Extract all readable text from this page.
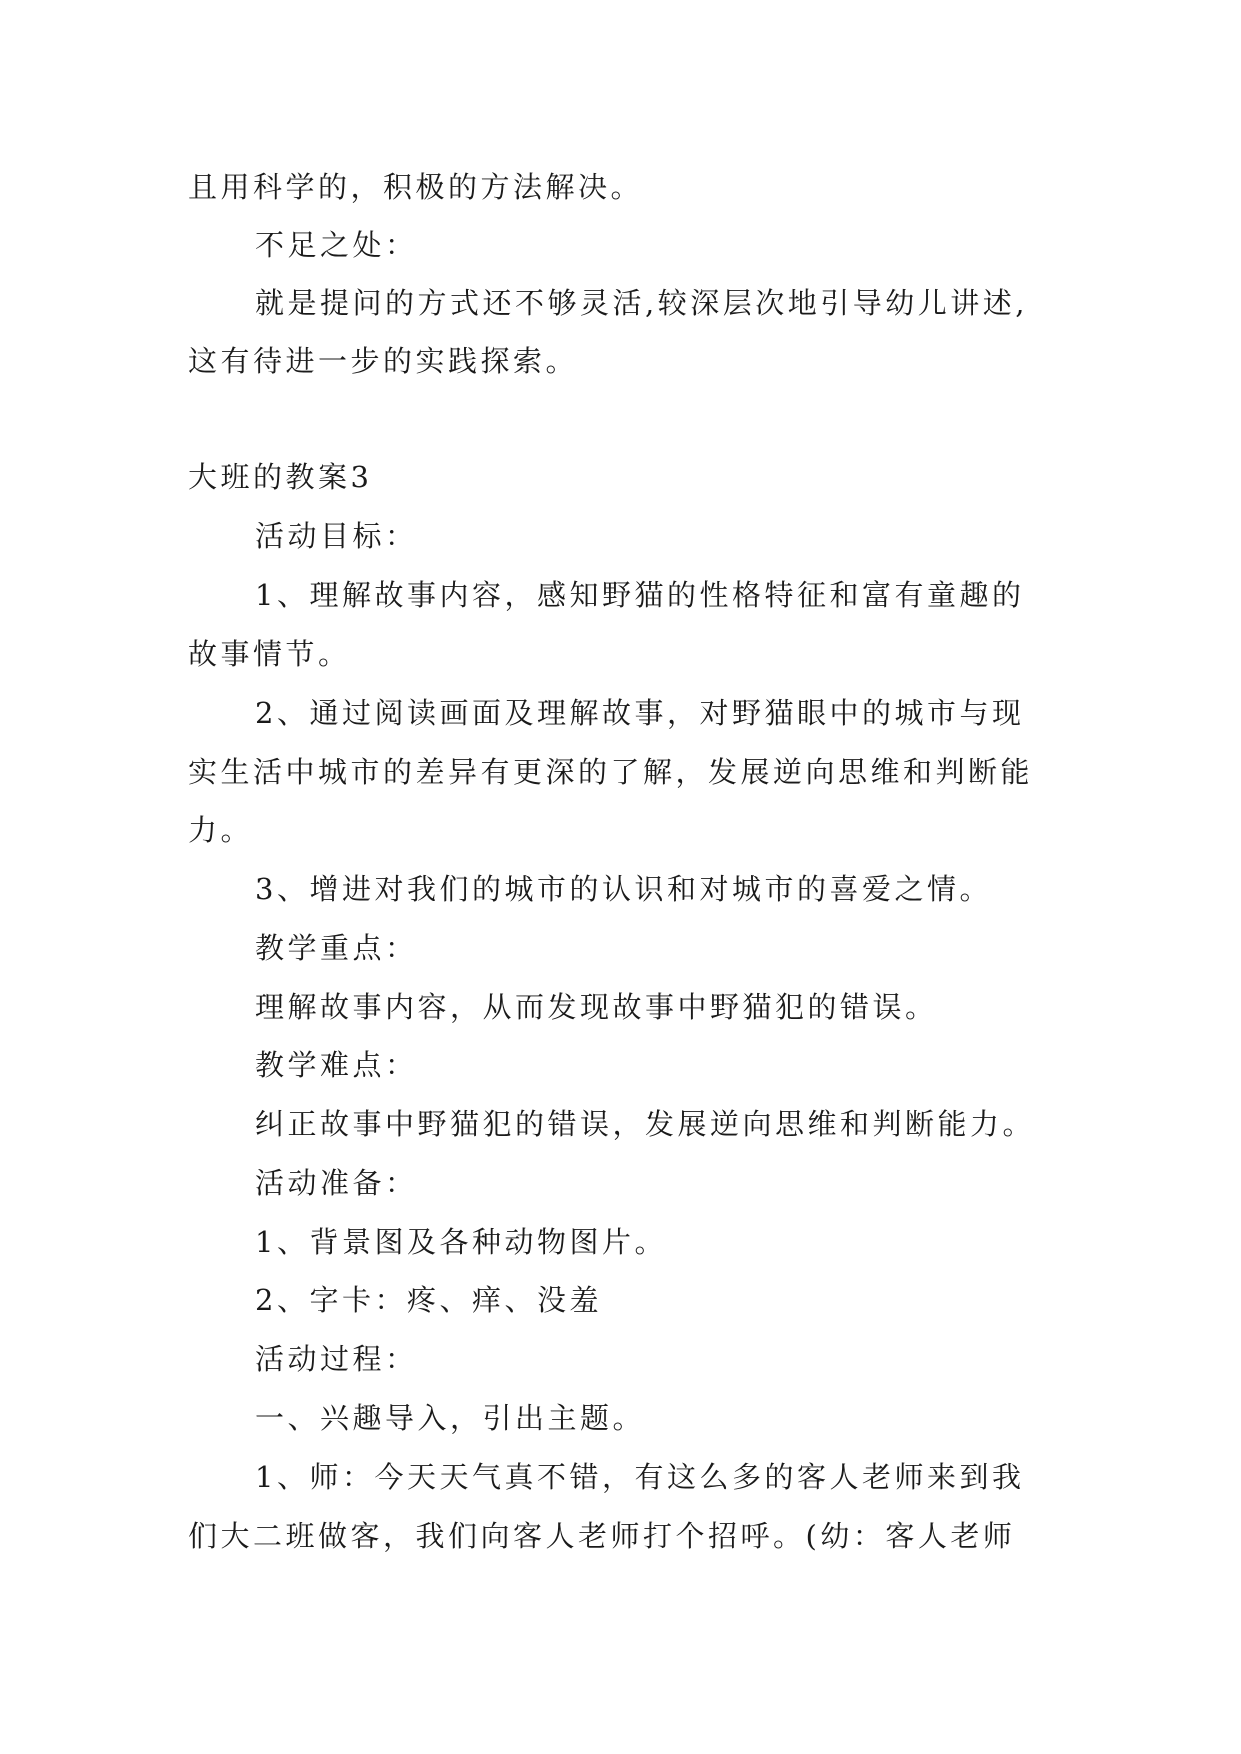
且用科学的，积极的方法解决。
不足之处：
就是提问的方式还不够灵活,较深层次地引导幼儿讲述,
这有待进一步的实践探索。
大班的教案3
活动目标：
1、理解故事内容，感知野猫的性格特征和富有童趣的
故事情节。
2、通过阅读画面及理解故事，对野猫眼中的城市与现
实生活中城市的差异有更深的了解，发展逆向思维和判断能
力。
3、增进对我们的城市的认识和对城市的喜爱之情。
教学重点：
理解故事内容，从而发现故事中野猫犯的错误。
教学难点：
纠正故事中野猫犯的错误，发展逆向思维和判断能力。
活动准备：
1、背景图及各种动物图片。
2、字卡：疼、痒、没羞
活动过程：
一、兴趣导入，引出主题。
1、师：今天天气真不错，有这么多的客人老师来到我
们大二班做客，我们向客人老师打个招呼。(幼：客人老师
